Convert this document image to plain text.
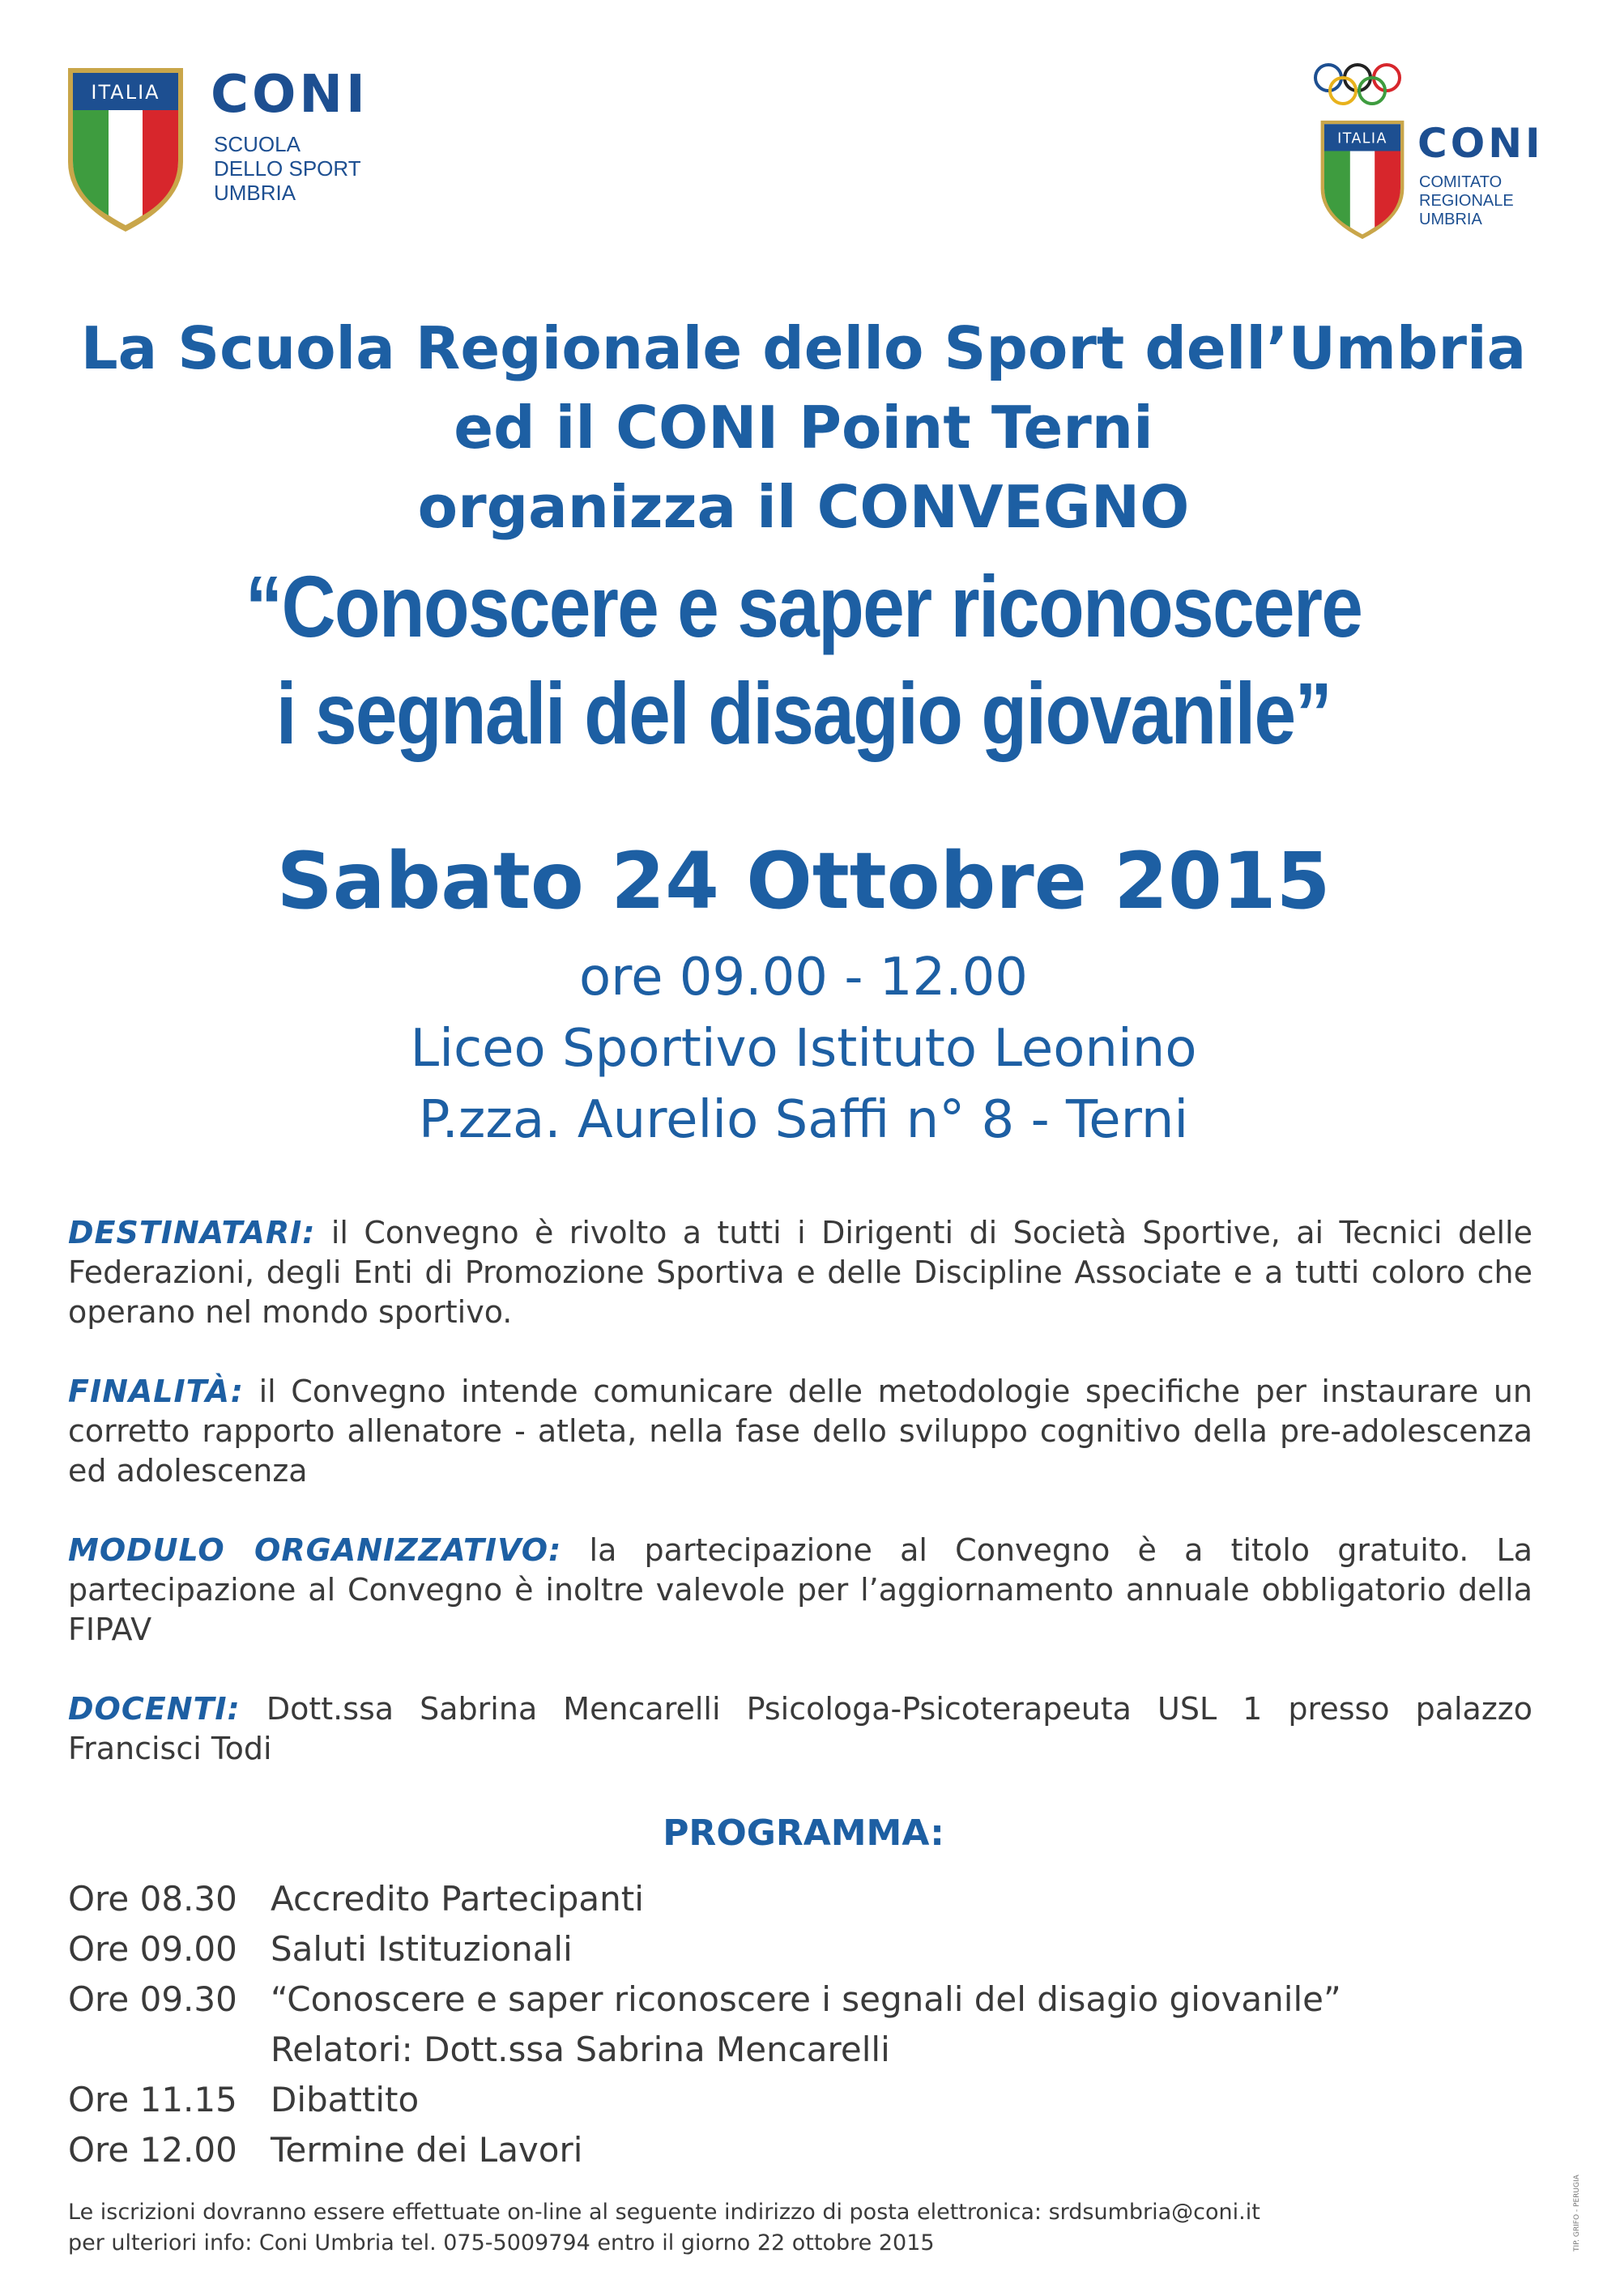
ITALIA CONI
SCUOLA
DELLO SPORT
UMBRIA
ITALIA CONI
COMITATO
REGIONALE
UMBRIA

La Scuola Regionale dello Sport dell’Umbria

ed il CONI Point Terni

organizza il CONVEGNO

“Conoscere e saper riconoscere

i segnali del disagio giovanile”

Sabato 24 Ottobre 2015

ore 09.00 - 12.00

Liceo Sportivo Istituto Leonino

P.zza. Aurelio Saffi n° 8 - Terni

DESTINATARI: il Convegno è rivolto a tutti i Dirigenti di Società Sportive, ai Tecnici delle Federazioni, degli Enti di Promozione Sportiva e delle Discipline Associate e a tutti coloro che operano nel mondo sportivo.

FINALITÀ: il Convegno intende comunicare delle metodologie specifiche per instaurare un corretto rapporto allenatore - atleta, nella fase dello sviluppo cognitivo della pre-adolescenza ed adolescenza

MODULO ORGANIZZATIVO: la partecipazione al Convegno è a titolo gratuito. La partecipazione al Convegno è inoltre valevole per l’aggiornamento annuale obbligatorio della FIPAV

DOCENTI: Dott.ssa Sabrina Mencarelli Psicologa-Psicoterapeuta USL 1 presso palazzo Francisci Todi

PROGRAMMA:

Ore 08.30 Accredito Partecipanti
Ore 09.00 Saluti Istituzionali
Ore 09.30 “Conoscere e saper riconoscere i segnali del disagio giovanile”
Relatori: Dott.ssa Sabrina Mencarelli
Ore 11.15 Dibattito
Ore 12.00 Termine dei Lavori

Le iscrizioni dovranno essere effettuate on-line al seguente indirizzo di posta elettronica: srdsumbria@coni.it

per ulteriori info: Coni Umbria tel. 075-5009794 entro il giorno 22 ottobre 2015	TIP. GRIFO - PERUGIA
